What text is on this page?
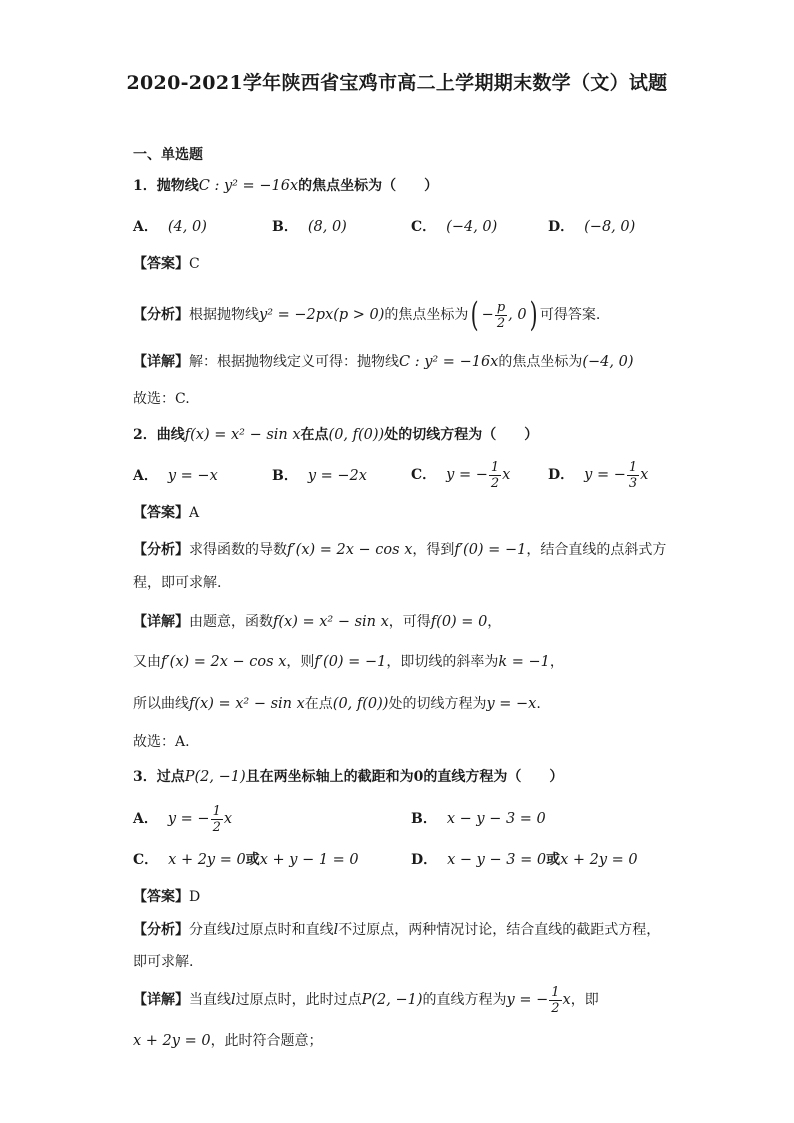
2020-2021学年陕西省宝鸡市高二上学期期末数学（文）试题
一、单选题
1．抛物线C : y² = −16x的焦点坐标为（　　）
A． (4, 0)	B． (8, 0)	C． (−4, 0)	D． (−8, 0)
【答案】C
【分析】根据抛物线y² = −2px(p > 0)的焦点坐标为( − $\frac{p}{2}$ , 0) 可得答案.
【详解】解：根据抛物线定义可得：抛物线C : y² = −16x的焦点坐标为(−4, 0)
故选：C.
2．曲线f(x) = x² − sin x在点(0, f(0))处的切线方程为（　　）
A． y = −x	B． y = −2x	C． y = − $\frac{1}{2}$ x	D． y = − $\frac{1}{3}$ x
【答案】A
【分析】求得函数的导数f′(x) = 2x − cos x，得到f′(0) = −1，结合直线的点斜式方
程，即可求解.
【详解】由题意，函数f(x) = x² − sin x，可得f(0) = 0，
又由f′(x) = 2x − cos x，则f′(0) = −1，即切线的斜率为k = −1，
所以曲线f(x) = x² − sin x在点(0, f(0))处的切线方程为y = −x.
故选：A.
3．过点P(2, −1)且在两坐标轴上的截距和为0的直线方程为（　　）
A． y = − $\frac{1}{2}$ x	B． x − y − 3 = 0
C． x + 2y = 0或x + y − 1 = 0	D． x − y − 3 = 0或x + 2y = 0
【答案】D
【分析】分直线l过原点时和直线l不过原点，两种情况讨论，结合直线的截距式方程，
即可求解.
【详解】当直线l过原点时，此时过点P(2, −1)的直线方程为y = − $\frac{1}{2}$ x，即
x + 2y = 0，此时符合题意；
